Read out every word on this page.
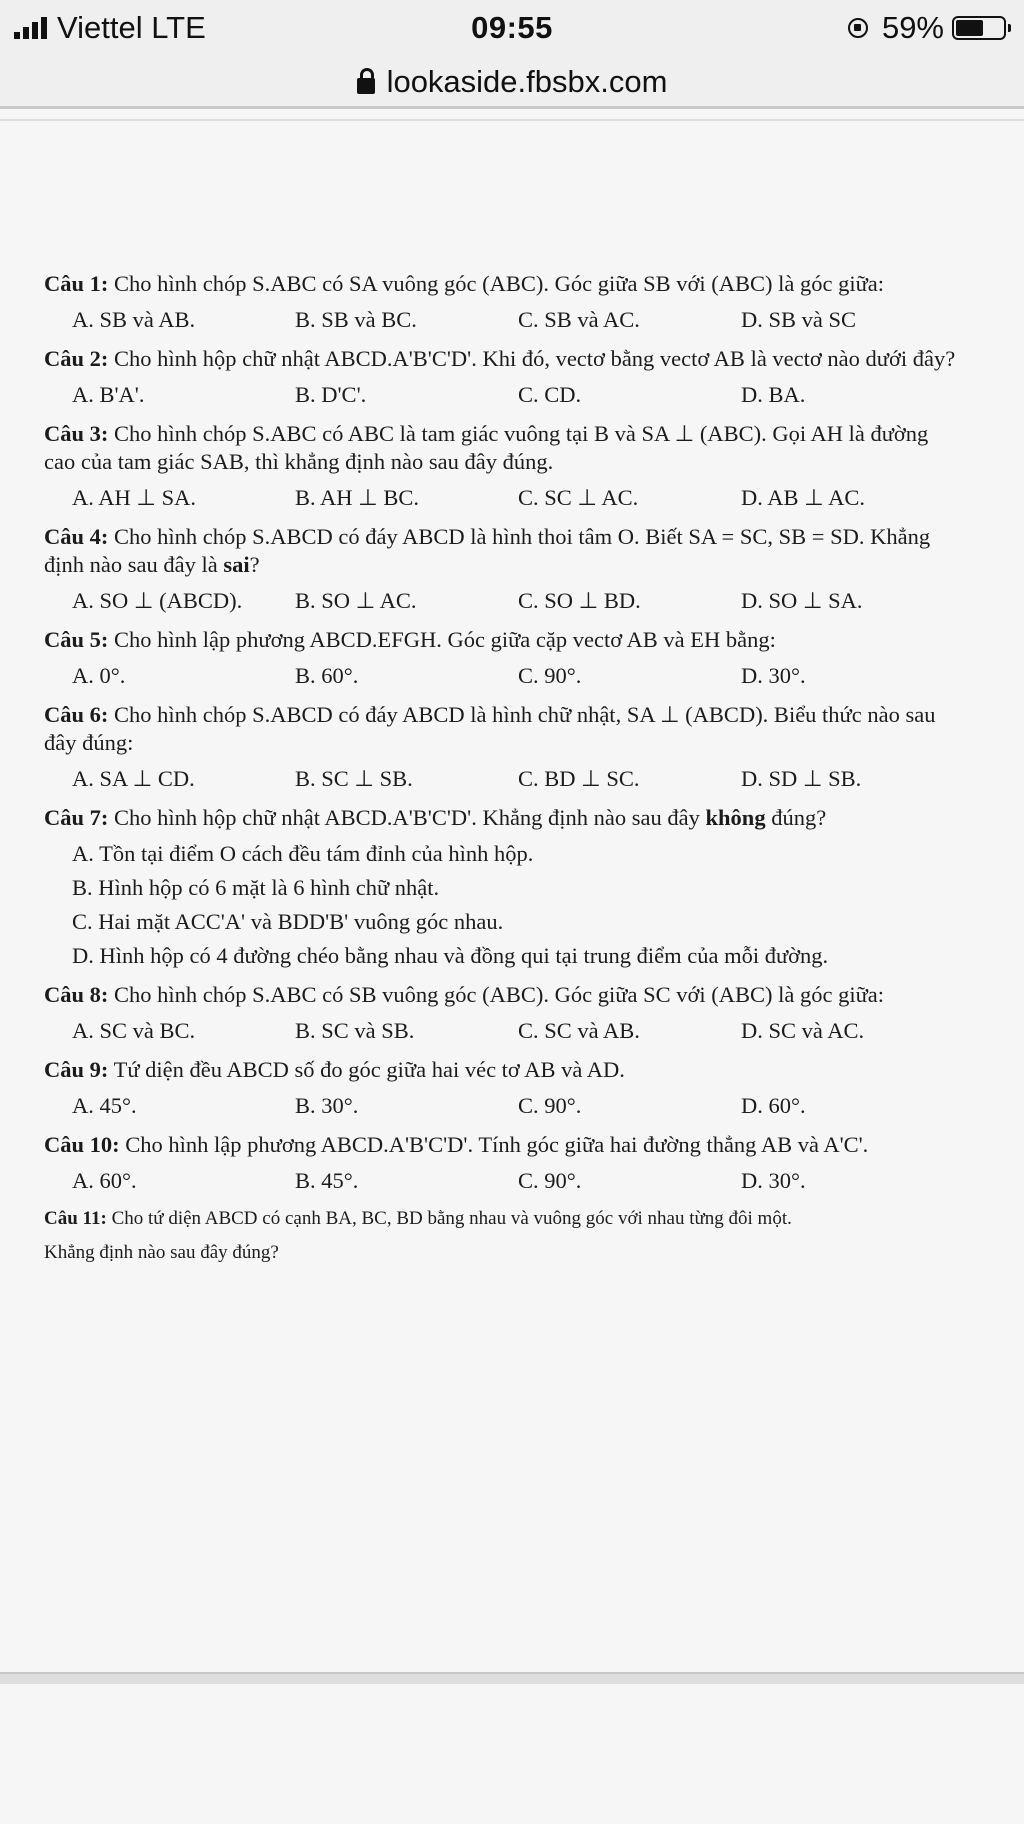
Viettel LTE	09:55	59%
lookaside.fbsbx.com

Câu 1: Cho hình chóp S.ABC có SA vuông góc (ABC). Góc giữa SB với (ABC) là góc giữa:

A. SB và AB.	B. SB và BC.	C. SB và AC.	D. SB và SC

Câu 2: Cho hình hộp chữ nhật ABCD.A'B'C'D'. Khi đó, vectơ bằng vectơ AB là vectơ nào dưới đây?

A. B'A'.	B. D'C'.	C. CD.	D. BA.

Câu 3: Cho hình chóp S.ABC có ABC là tam giác vuông tại B và SA ⊥ (ABC). Gọi AH là đường cao của tam giác SAB, thì khẳng định nào sau đây đúng.

A. AH ⊥ SA.	B. AH ⊥ BC.	C. SC ⊥ AC.	D. AB ⊥ AC.

Câu 4: Cho hình chóp S.ABCD có đáy ABCD là hình thoi tâm O. Biết SA = SC, SB = SD. Khẳng định nào sau đây là sai?

A. SO ⊥ (ABCD).	B. SO ⊥ AC.	C. SO ⊥ BD.	D. SO ⊥ SA.

Câu 5: Cho hình lập phương ABCD.EFGH. Góc giữa cặp vectơ AB và EH bằng:

A. 0°.	B. 60°.	C. 90°.	D. 30°.

Câu 6: Cho hình chóp S.ABCD có đáy ABCD là hình chữ nhật, SA ⊥ (ABCD). Biểu thức nào sau đây đúng:

A. SA ⊥ CD.	B. SC ⊥ SB.	C. BD ⊥ SC.	D. SD ⊥ SB.

Câu 7: Cho hình hộp chữ nhật ABCD.A'B'C'D'. Khẳng định nào sau đây không đúng?

A. Tồn tại điểm O cách đều tám đỉnh của hình hộp.
B. Hình hộp có 6 mặt là 6 hình chữ nhật.
C. Hai mặt ACC'A' và BDD'B' vuông góc nhau.
D. Hình hộp có 4 đường chéo bằng nhau và đồng qui tại trung điểm của mỗi đường.

Câu 8: Cho hình chóp S.ABC có SB vuông góc (ABC). Góc giữa SC với (ABC) là góc giữa:

A. SC và BC.	B. SC và SB.	C. SC và AB.	D. SC và AC.

Câu 9: Tứ diện đều ABCD số đo góc giữa hai véc tơ AB và AD.

A. 45°.	B. 30°.	C. 90°.	D. 60°.

Câu 10: Cho hình lập phương ABCD.A'B'C'D'. Tính góc giữa hai đường thẳng AB và A'C'.

A. 60°.	B. 45°.	C. 90°.	D. 30°.

Câu 11: Cho tứ diện ABCD có cạnh BA, BC, BD bằng nhau và vuông góc với nhau từng đôi một.

Khẳng định nào sau đây đúng?
